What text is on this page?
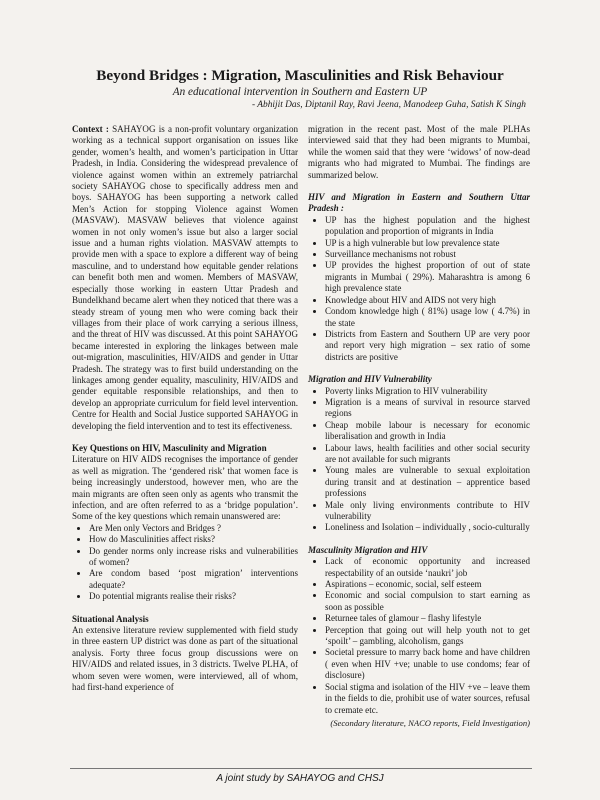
Beyond Bridges : Migration, Masculinities and Risk Behaviour
An educational intervention in Southern and Eastern UP
- Abhijit Das, Diptanil Ray, Ravi Jeena, Manodeep Guha, Satish K Singh

Context : SAHAYOG is a non-profit voluntary organization working as a technical support organisation on issues like gender, women’s health, and women’s participation in Uttar Pradesh, in India. Considering the widespread prevalence of violence against women within an extremely patriarchal society SAHAYOG chose to specifically address men and boys. SAHAYOG has been supporting a network called Men’s Action for stopping Violence against Women (MASVAW). MASVAW believes that violence against women in not only women’s issue but also a larger social issue and a human rights violation. MASVAW attempts to provide men with a space to explore a different way of being masculine, and to understand how equitable gender relations can benefit both men and women. Members of MASVAW, especially those working in eastern Uttar Pradesh and Bundelkhand became alert when they noticed that there was a steady stream of young men who were coming back their villages from their place of work carrying a serious illness, and the threat of HIV was discussed. At this point SAHAYOG became interested in exploring the linkages between male out-migration, masculinities, HIV/AIDS and gender in Uttar Pradesh. The strategy was to first build understanding on the linkages among gender equality, masculinity, HIV/AIDS and gender equitable responsible relationships, and then to develop an appropriate curriculum for field level intervention. Centre for Health and Social Justice supported SAHAYOG in developing the field intervention and to test its effectiveness.

Key Questions on HIV, Masculinity and Migration

Literature on HIV AIDS recognises the importance of gender as well as migration. The ‘gendered risk’ that women face is being increasingly understood, however men, who are the main migrants are often seen only as agents who transmit the infection, and are often referred to as a ‘bridge population’. Some of the key questions which remain unanswered are:

• Are Men only Vectors and Bridges ?
• How do Masculinities affect risks?
• Do gender norms only increase risks and vulnerabilities of women?
• Are condom based ‘post migration’ interventions adequate?
• Do potential migrants realise their risks?
Situational Analysis

An extensive literature review supplemented with field study in three eastern UP district was done as part of the situational analysis. Forty three focus group discussions were on HIV/AIDS and related issues, in 3 districts. Twelve PLHA, of whom seven were women, were interviewed, all of whom, had first-hand experience of

migration in the recent past. Most of the male PLHAs interviewed said that they had been migrants to Mumbai, while the women said that they were ‘widows’ of now-dead migrants who had migrated to Mumbai. The findings are summarized below.

HIV and Migration in Eastern and Southern Uttar Pradesh :
• UP has the highest population and the highest population and proportion of migrants in India
• UP is a high vulnerable but low prevalence state
• Surveillance mechanisms not robust
• UP provides the highest proportion of out of state migrants in Mumbai ( 29%). Maharashtra is among 6 high prevalence state
• Knowledge about HIV and AIDS not very high
• Condom knowledge high ( 81%) usage low ( 4.7%) in the state
• Districts from Eastern and Southern UP are very poor and report very high migration – sex ratio of some districts are positive
Migration and HIV Vulnerability
• Poverty links Migration to HIV vulnerability
• Migration is a means of survival in resource starved regions
• Cheap mobile labour is necessary for economic liberalisation and growth in India
• Labour laws, health facilities and other social security are not available for such migrants
• Young males are vulnerable to sexual exploitation during transit and at destination – apprentice based professions
• Male only living environments contribute to HIV vulnerability
• Loneliness and Isolation – individually , socio-culturally
Masculinity Migration and HIV
• Lack of economic opportunity and increased respectability of an outside ‘naukri’ job
• Aspirations – economic, social, self esteem
• Economic and social compulsion to start earning as soon as possible
• Returnee tales of glamour – flashy lifestyle
• Perception that going out will help youth not to get ‘spoilt’ – gambling, alcoholism, gangs
• Societal pressure to marry back home and have children ( even when HIV +ve; unable to use condoms; fear of disclosure)
• Social stigma and isolation of the HIV +ve – leave them in the fields to die, prohibit use of water sources, refusal to cremate etc.
(Secondary literature, NACO reports, Field Investigation)
A joint study by SAHAYOG and CHSJ
